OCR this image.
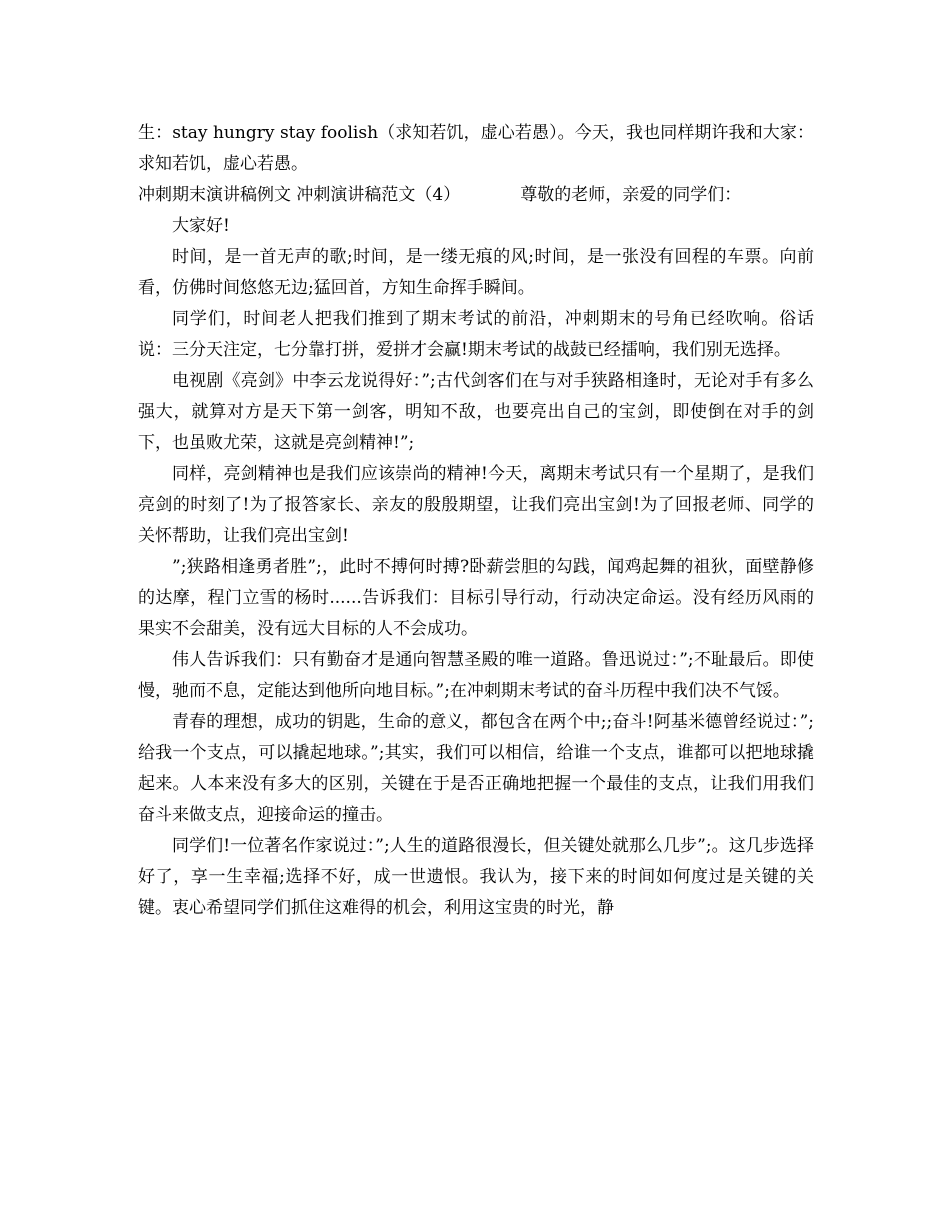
生：stay hungry stay foolish（求知若饥，虚心若愚）。今天，我也同样期许我和大家：求知若饥，虚心若愚。

冲刺期末演讲稿例文 冲刺演讲稿范文（4）	尊敬的老师，亲爱的同学们：

大家好!

时间，是一首无声的歌;时间，是一缕无痕的风;时间，是一张没有回程的车票。向前看，仿佛时间悠悠无边;猛回首，方知生命挥手瞬间。

同学们，时间老人把我们推到了期末考试的前沿，冲刺期末的号角已经吹响。俗话说：三分天注定，七分靠打拼，爱拼才会赢!期末考试的战鼓已经擂响，我们别无选择。

电视剧《亮剑》中李云龙说得好：”;古代剑客们在与对手狭路相逢时，无论对手有多么强大，就算对方是天下第一剑客，明知不敌，也要亮出自己的宝剑，即使倒在对手的剑下，也虽败尤荣，这就是亮剑精神!”;

同样，亮剑精神也是我们应该崇尚的精神!今天，离期末考试只有一个星期了，是我们亮剑的时刻了!为了报答家长、亲友的殷殷期望，让我们亮出宝剑!为了回报老师、同学的关怀帮助，让我们亮出宝剑!

”;狭路相逢勇者胜”;，此时不搏何时搏?卧薪尝胆的勾践，闻鸡起舞的祖狄，面壁静修的达摩，程门立雪的杨时......告诉我们：目标引导行动，行动决定命运。没有经历风雨的果实不会甜美，没有远大目标的人不会成功。

伟人告诉我们：只有勤奋才是通向智慧圣殿的唯一道路。鲁迅说过：”;不耻最后。即使慢，驰而不息，定能达到他所向地目标。”;在冲刺期末考试的奋斗历程中我们决不气馁。

青春的理想，成功的钥匙，生命的意义，都包含在两个中;;奋斗!阿基米德曾经说过：”;给我一个支点，可以撬起地球。”;其实，我们可以相信，给谁一个支点，谁都可以把地球撬起来。人本来没有多大的区别，关键在于是否正确地把握一个最佳的支点，让我们用我们奋斗来做支点，迎接命运的撞击。

同学们!一位著名作家说过：”;人生的道路很漫长，但关键处就那么几步”;。这几步选择好了，享一生幸福;选择不好，成一世遗恨。我认为，接下来的时间如何度过是关键的关键。衷心希望同学们抓住这难得的机会，利用这宝贵的时光，静
